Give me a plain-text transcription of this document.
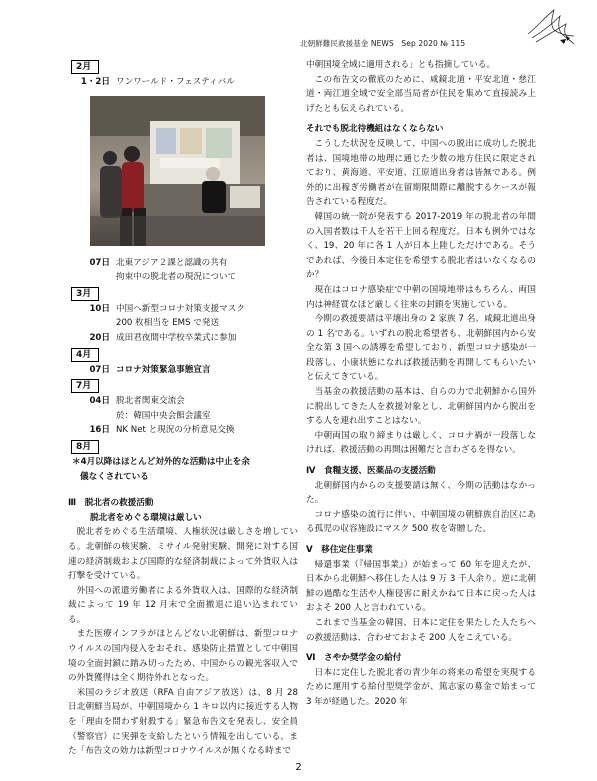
北朝鮮難民救援基金 NEWS　Sep 2020 № 115
2月
1・2日 ワンワールド・フェスティバル
07日 北東アジア２課と認識の共有
拘束中の脱北者の現況について
3月
10日 中国へ新型コロナ対策支援マスク
200 枚相当を EMS で発送
20日 成田君夜間中学校卒業式に参加
4月
07日 コロナ対策緊急事態宣言
7月
04日 脱北者関東交流会
於：韓国中央会館会議室
16日 NK Net と現況の分析意見交換
8月
＊4月以降はほとんど対外的な活動は中止を余
儀なくされている
Ⅲ　脱北者の救援活動
脱北者をめぐる環境は厳しい

脱北者をめぐる生活環境、人権状況は厳しさを増している。北朝鮮の核実験、ミサイル発射実験、開発に対する国連の経済制裁および国際的な経済制裁によって外貨収入は打撃を受けている。

外国への派遣労働者による外貨収入は、国際的な経済制裁によって 19 年 12 月末で全面撤退に追い込まれている。

また医療インフラがほとんどない北朝鮮は、新型コロナウイルスの国内侵入をおそれ、感染防止措置として中朝国境の全面封鎖に踏み切ったため、中国からの観光客収入での外貨獲得は全く期待外れとなった。

米国のラジオ放送（RFA 自由アジア放送）は、8 月 28 日北朝鮮当局が、中朝国境から 1 キロ以内に接近する人物を「理由を問わず射殺する」緊急布告文を発表し、安全員（警察官）に実弾を支給したという情報を出している。また「布告文の効力は新型コロナウイルスが無くなる時まで

中朝国境全域に適用される」とも指摘している。

この布告文の徹底のために、咸鏡北道・平安北道・慈江道・両江道全域で安全部当局者が住民を集めて直接読み上げたとも伝えられている。

それでも脱北待機組はなくならない

こうした状況を反映して、中国への脱出に成功した脱北者は、国境地帯の地理に通じた少数の地方住民に限定されており、黄海道、平安道、江原道出身者は皆無である。例外的に出稼ぎ労働者が在留期限間際に離脱するケースが報告されている程度だ。

韓国の統一院が発表する 2017-2019 年の脱北者の年間の入国者数は千人を若干上回る程度だ。日本も例外ではなく、19、20 年に各 1 人が日本上陸しただけである。そうであれば、今後日本定住を希望する脱北者はいなくなるのか？

現在はコロナ感染症で中朝の国境地帯はもちろん、両国内は神経質なほど厳しく往来の封鎖を実施している。

今期の救援要請は平壌出身の 2 家族 7 名、咸鏡北道出身の 1 名である。いずれの脱北希望者も、北朝鮮国内から安全な第 3 国への誘導を希望しており、新型コロナ感染が一段落し、小康状態になれば救援活動を再開してもらいたいと伝えてきている。

当基金の救援活動の基本は、自らの力で北朝鮮から国外に脱出してきた人を救援対象とし、北朝鮮国内から脱出をする人を連れ出すことはない。

中朝両国の取り締まりは厳しく、コロナ禍が一段落しなければ、救援活動の再開は困難だと言わざるを得ない。

Ⅳ　食糧支援、医薬品の支援活動

北朝鮮国内からの支援要請は無く、今期の活動はなかった。

コロナ感染の流行に伴い、中朝国境の朝鮮族自治区にある孤児の収容施設にマスク 500 枚を寄贈した。

Ⅴ　移住定住事業

帰還事業（『帰国事業』）が始まって 60 年を迎えたが、日本から北朝鮮へ移住した人は 9 万 3 千人余り。逆に北朝鮮の過酷な生活や人権侵害に耐えかねて日本に戻った人はおよそ 200 人と言われている。

これまで当基金の韓国、日本に定住を果たした人たちへの救援活動は、合わせておよそ 200 人をこえている。

Ⅵ　さやか奨学金の給付

日本に定住した脱北者の青少年の将来の希望を実現するために運用する給付型奨学金が、篤志家の募金で始まって 3 年が経過した。2020 年

2
